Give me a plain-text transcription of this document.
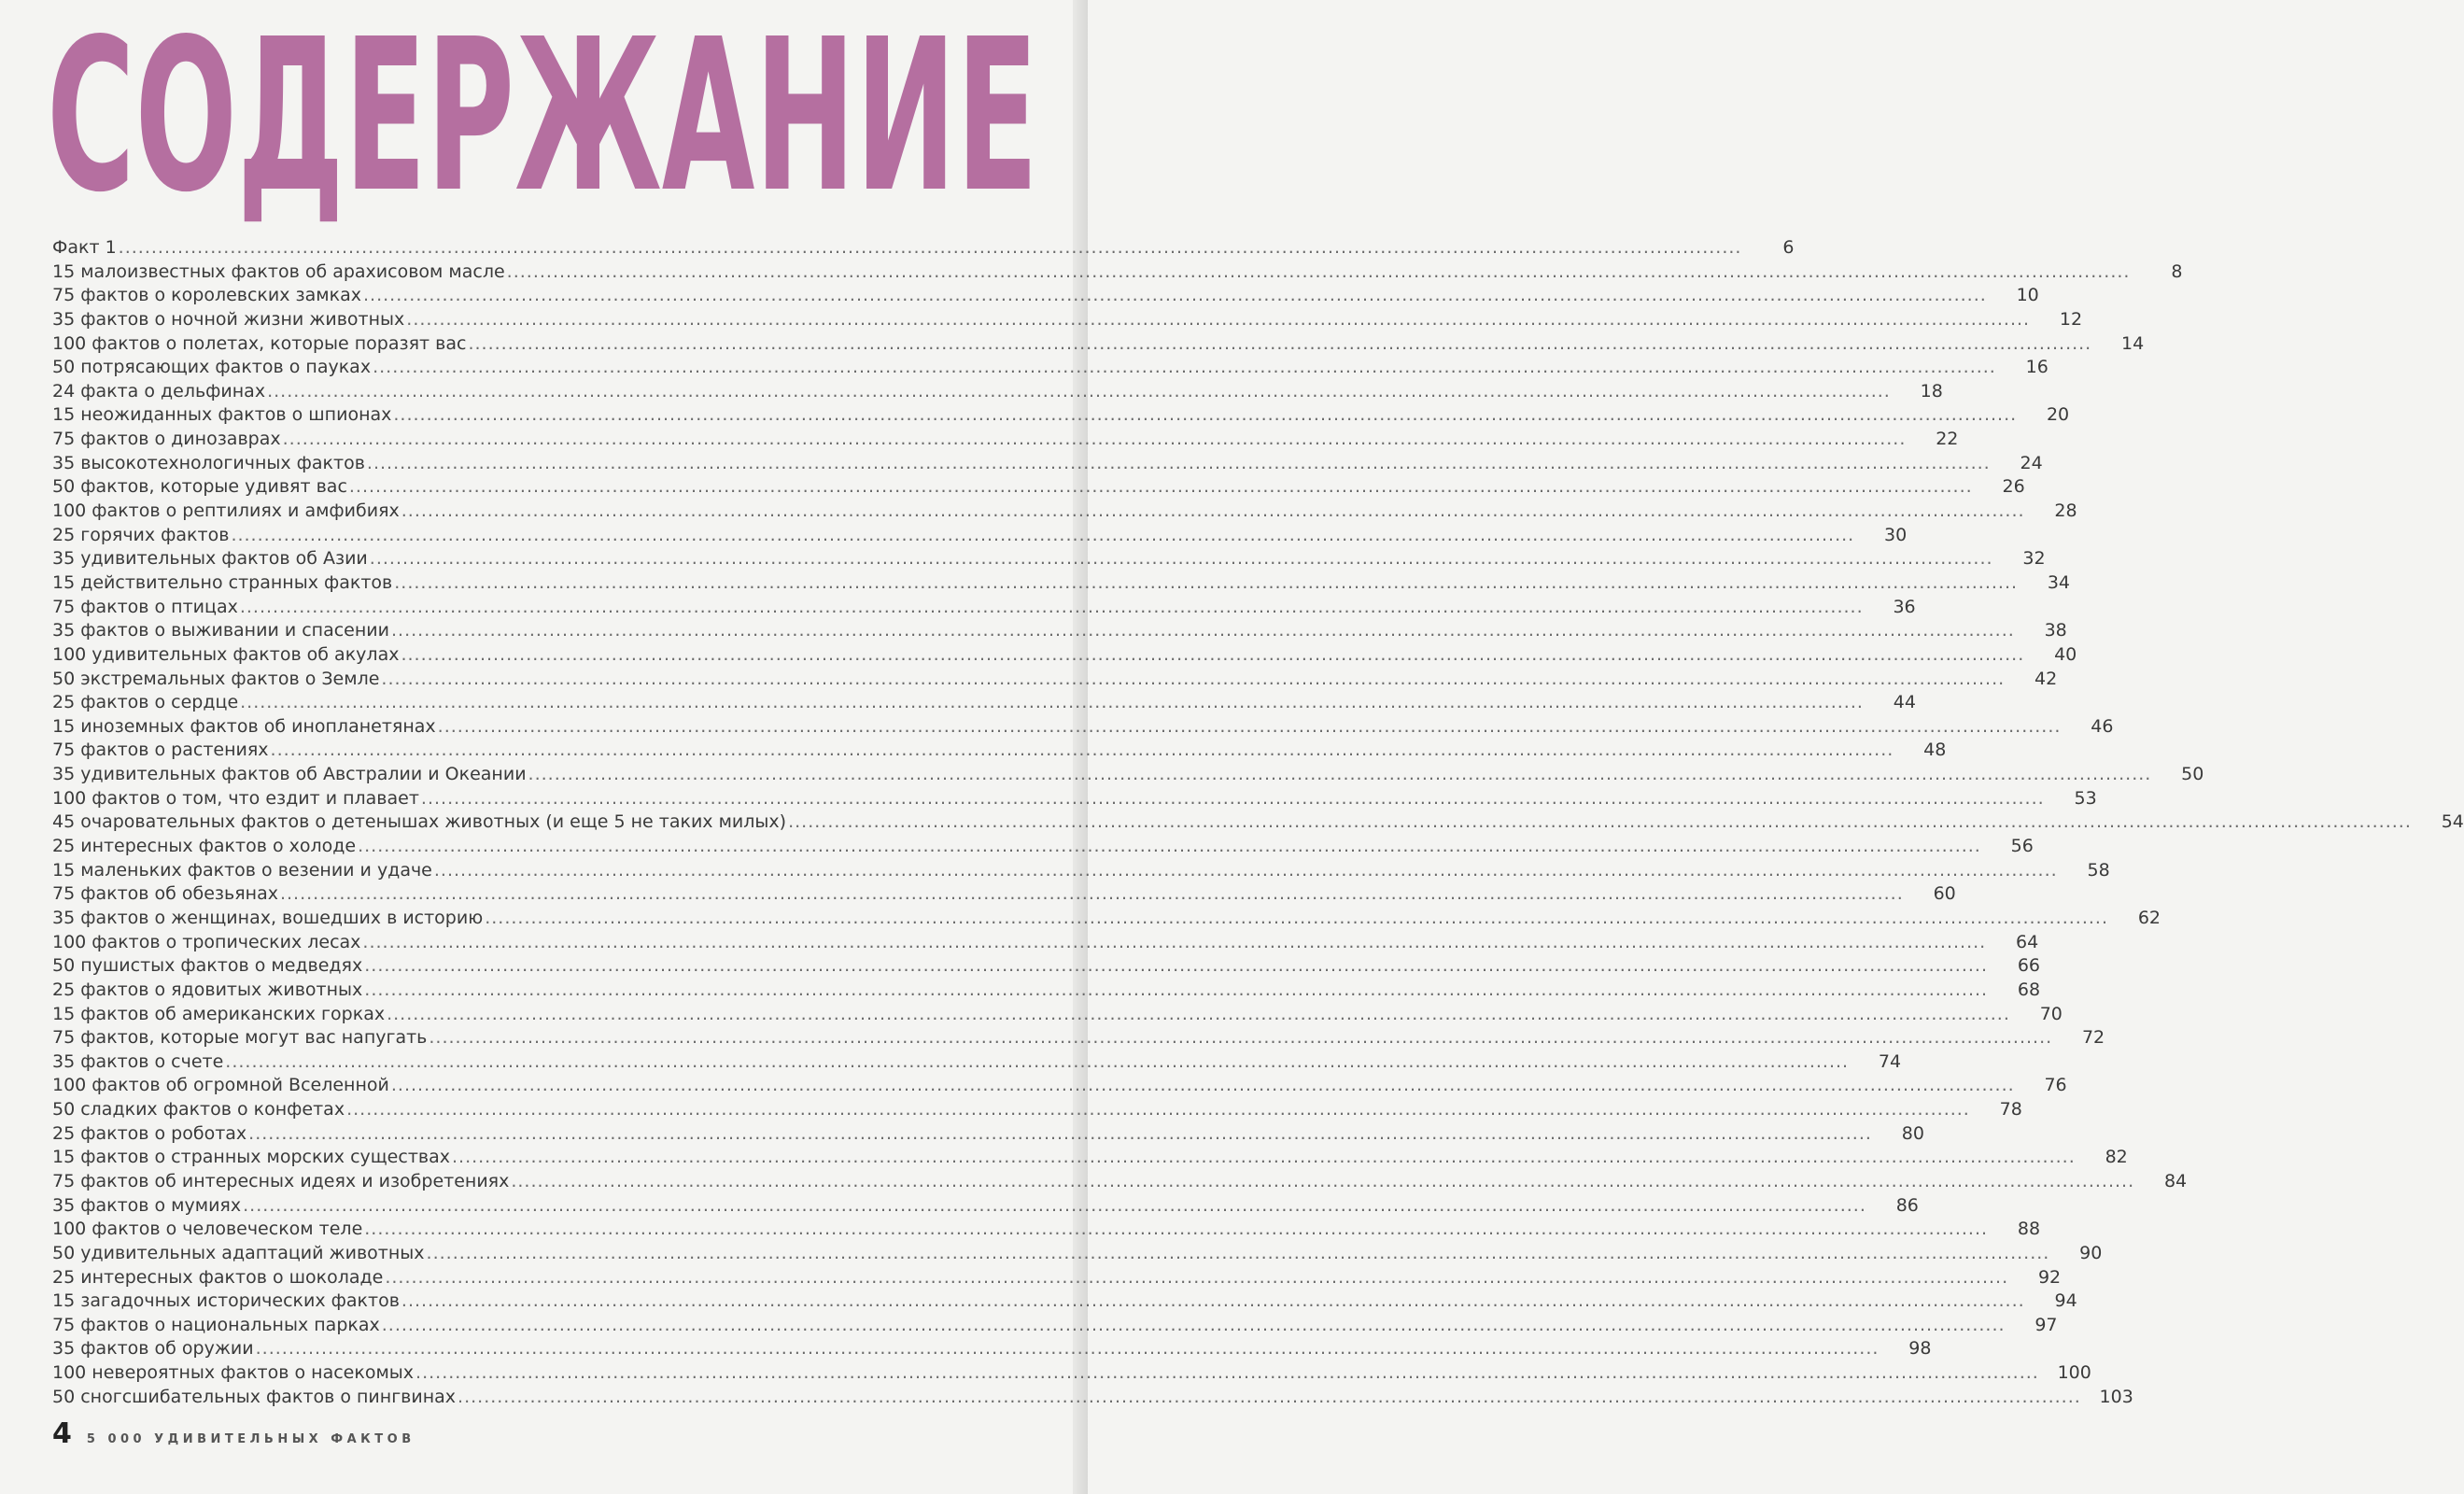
СОДЕРЖАНИЕ
Факт 1 .....	6
15 малоизвестных фактов об арахисовом масле .....	8
75 фактов о королевских замках .....	10
35 фактов о ночной жизни животных .....	12
100 фактов о полетах, которые поразят вас .....	14
50 потрясающих фактов о пауках .....	16
24 факта о дельфинах .....	18
15 неожиданных фактов о шпионах .....	20
75 фактов о динозаврах .....	22
35 высокотехнологичных фактов .....	24
50 фактов, которые удивят вас .....	26
100 фактов о рептилиях и амфибиях .....	28
25 горячих фактов .....	30
35 удивительных фактов об Азии .....	32
15 действительно странных фактов .....	34
75 фактов о птицах .....	36
35 фактов о выживании и спасении .....	38
100 удивительных фактов об акулах .....	40
50 экстремальных фактов о Земле .....	42
25 фактов о сердце .....	44
15 иноземных фактов об инопланетянах .....	46
75 фактов о растениях .....	48
35 удивительных фактов об Австралии и Океании .....	50
100 фактов о том, что ездит и плавает .....	53
45 очаровательных фактов о детенышах животных (и еще 5 не таких милых) .....	54
25 интересных фактов о холоде .....	56
15 маленьких фактов о везении и удаче .....	58
75 фактов об обезьянах .....	60
35 фактов о женщинах, вошедших в историю .....	62
100 фактов о тропических лесах .....	64
50 пушистых фактов о медведях .....	66
25 фактов о ядовитых животных .....	68
15 фактов об американских горках .....	70
75 фактов, которые могут вас напугать .....	72
35 фактов о счете .....	74
100 фактов об огромной Вселенной .....	76
50 сладких фактов о конфетах .....	78
25 фактов о роботах .....	80
15 фактов о странных морских существах .....	82
75 фактов об интересных идеях и изобретениях .....	84
35 фактов о мумиях .....	86
100 фактов о человеческом теле .....	88
50 удивительных адаптаций животных .....	90
25 интересных фактов о шоколаде .....	92
15 загадочных исторических фактов .....	94
75 фактов о национальных парках .....	97
35 фактов об оружии .....	98
100 невероятных фактов о насекомых .....	100
50 сногсшибательных фактов о пингвинах .....	103
4 5 000 УДИВИТЕЛЬНЫХ ФАКТОВ
